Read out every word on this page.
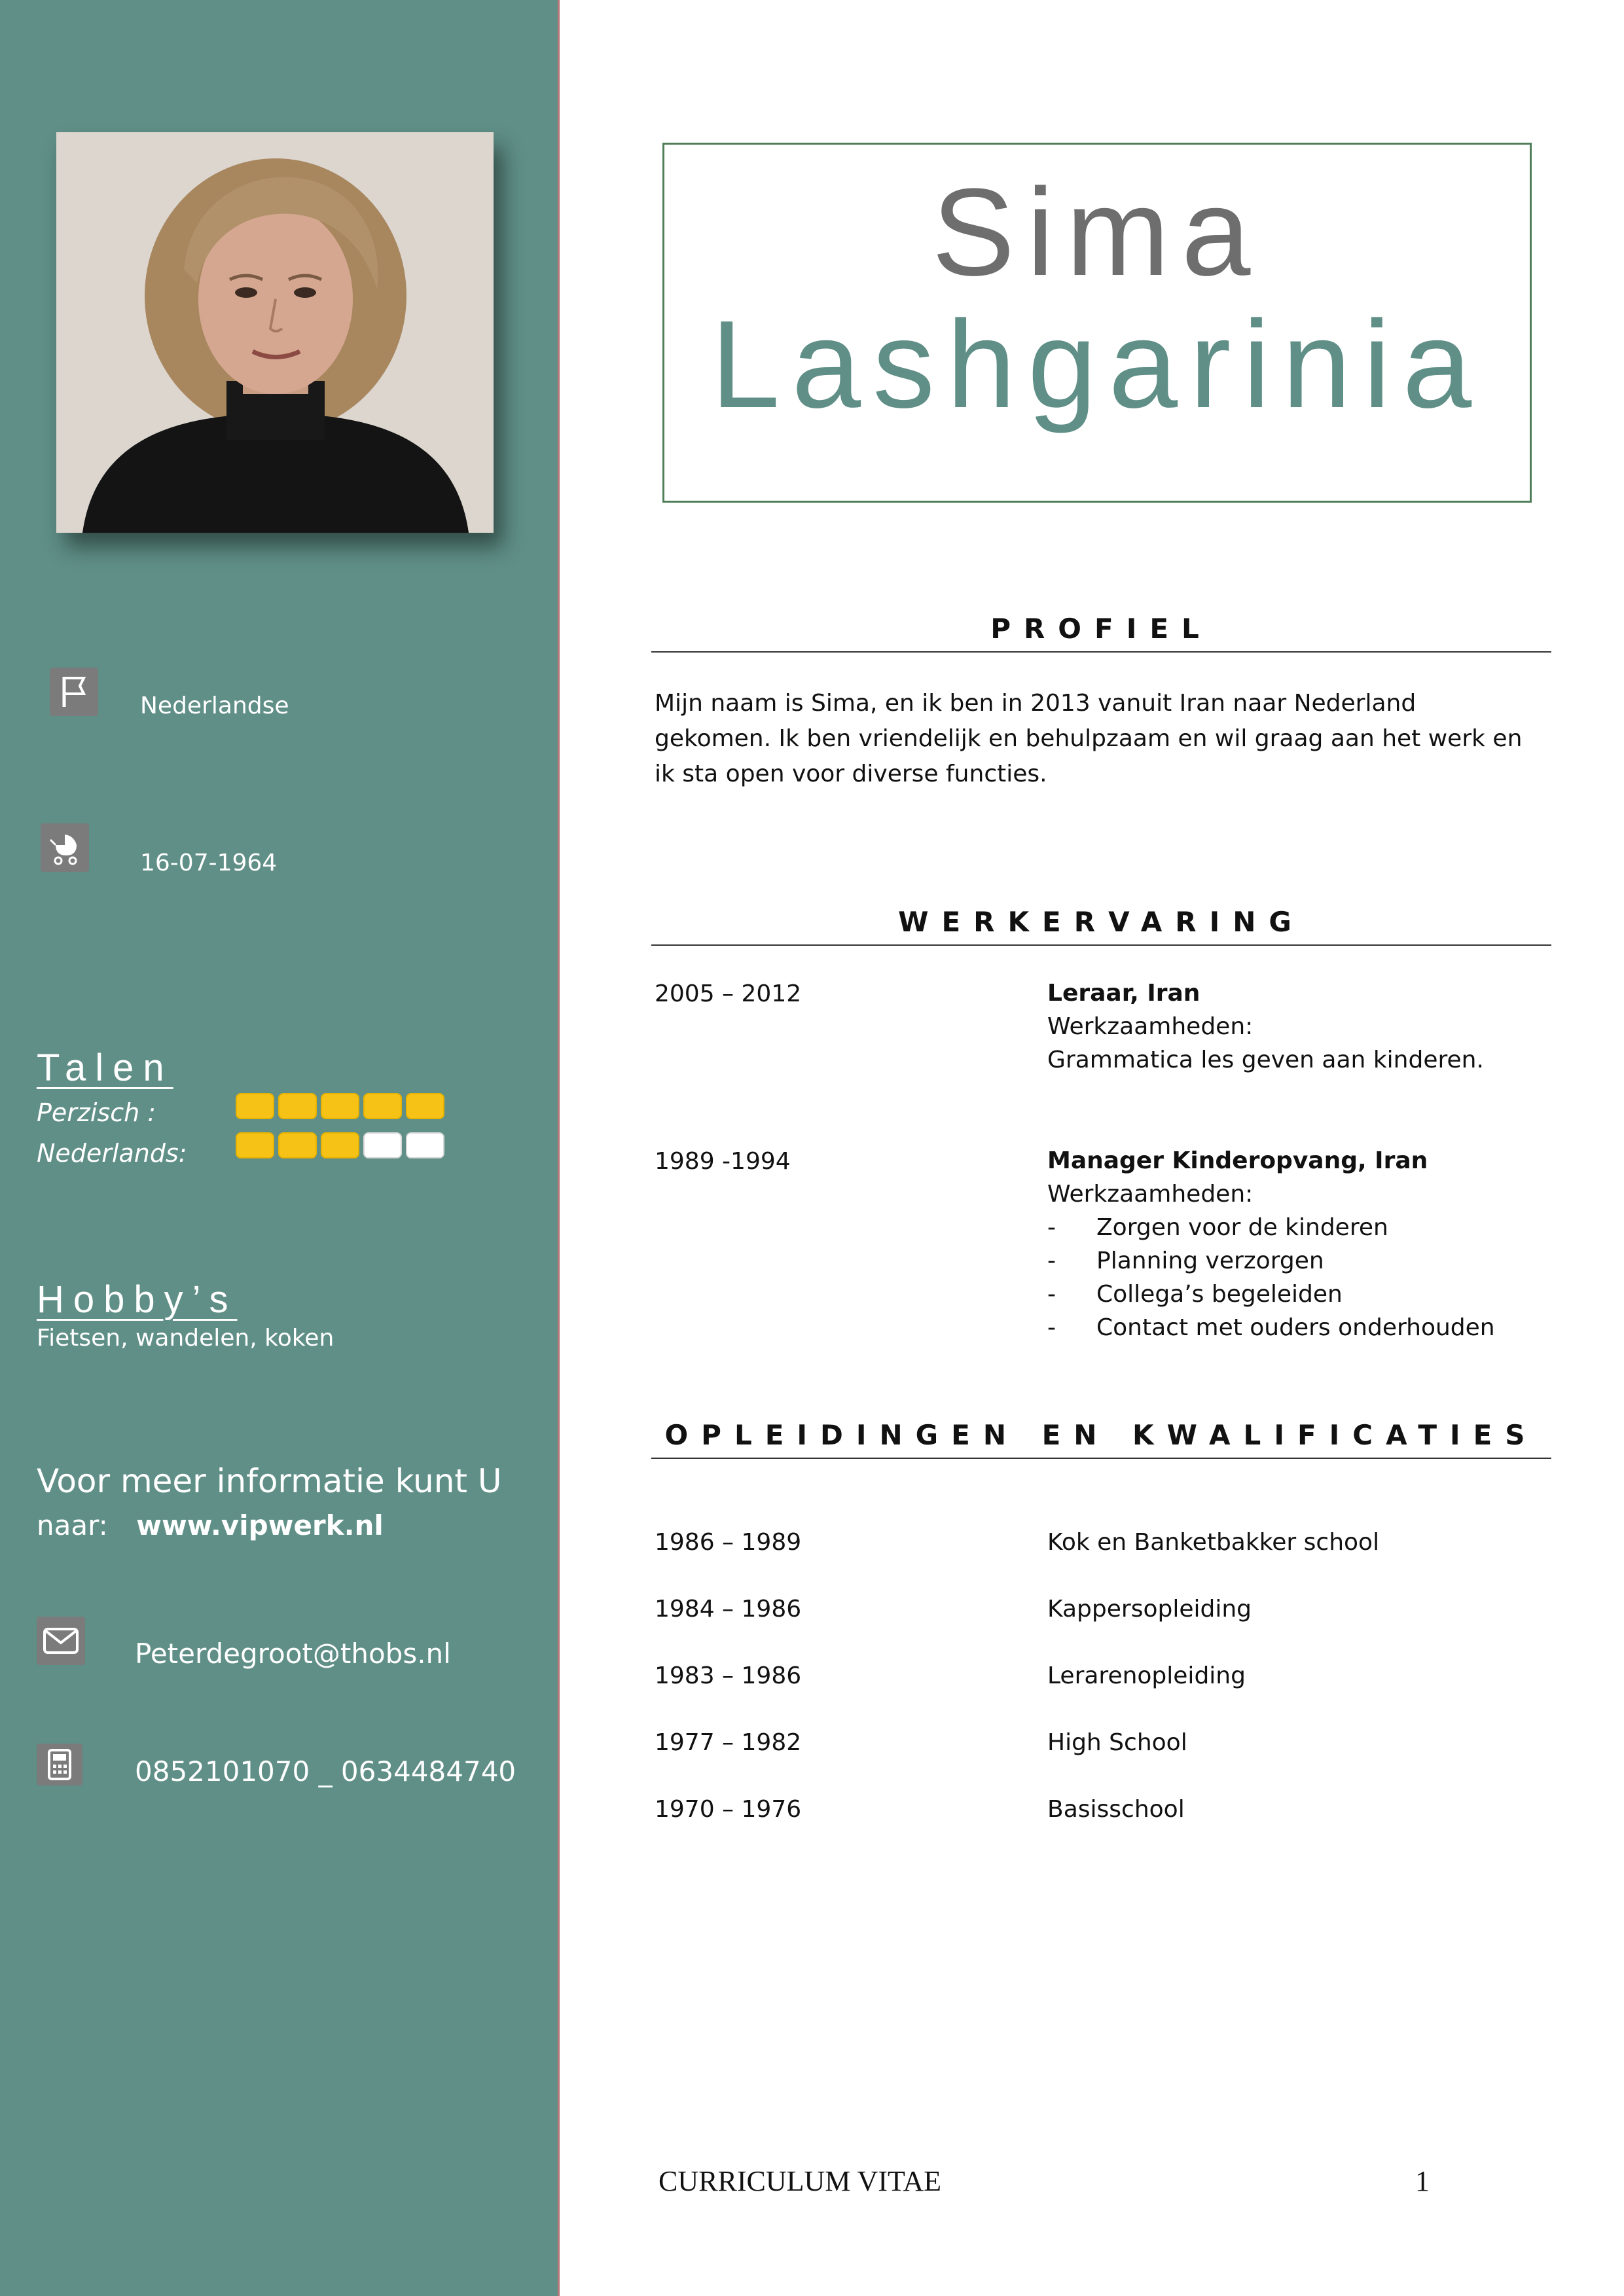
Nederlandse
16-07-1964
Talen
Perzisch :
Nederlands:
Hobby’s
Fietsen, wandelen, koken
Voor meer informatie kunt U
naar: www.vipwerk.nl
Peterdegroot@thobs.nl
0852101070 _ 0634484740
Sima
Lashgarinia
PROFIEL
Mijn naam is Sima, en ik ben in 2013 vanuit Iran naar Nederland gekomen. Ik ben vriendelijk en behulpzaam en wil graag aan het werk en ik sta open voor diverse functies.
WERKERVARING
2005 – 2012	Leraar, Iran
Werkzaamheden:
Grammatica les geven aan kinderen.
1989 -1994	Manager Kinderopvang, Iran
Werkzaamheden:
-	Zorgen voor de kinderen
-	Planning verzorgen
-	Collega’s begeleiden
-	Contact met ouders onderhouden
OPLEIDINGEN EN KWALIFICATIES
1986 – 1989	Kok en Banketbakker school
1984 – 1986	Kappersopleiding
1983 – 1986	Lerarenopleiding
1977 – 1982	High School
1970 – 1976	Basisschool
CURRICULUM VITAE	1
